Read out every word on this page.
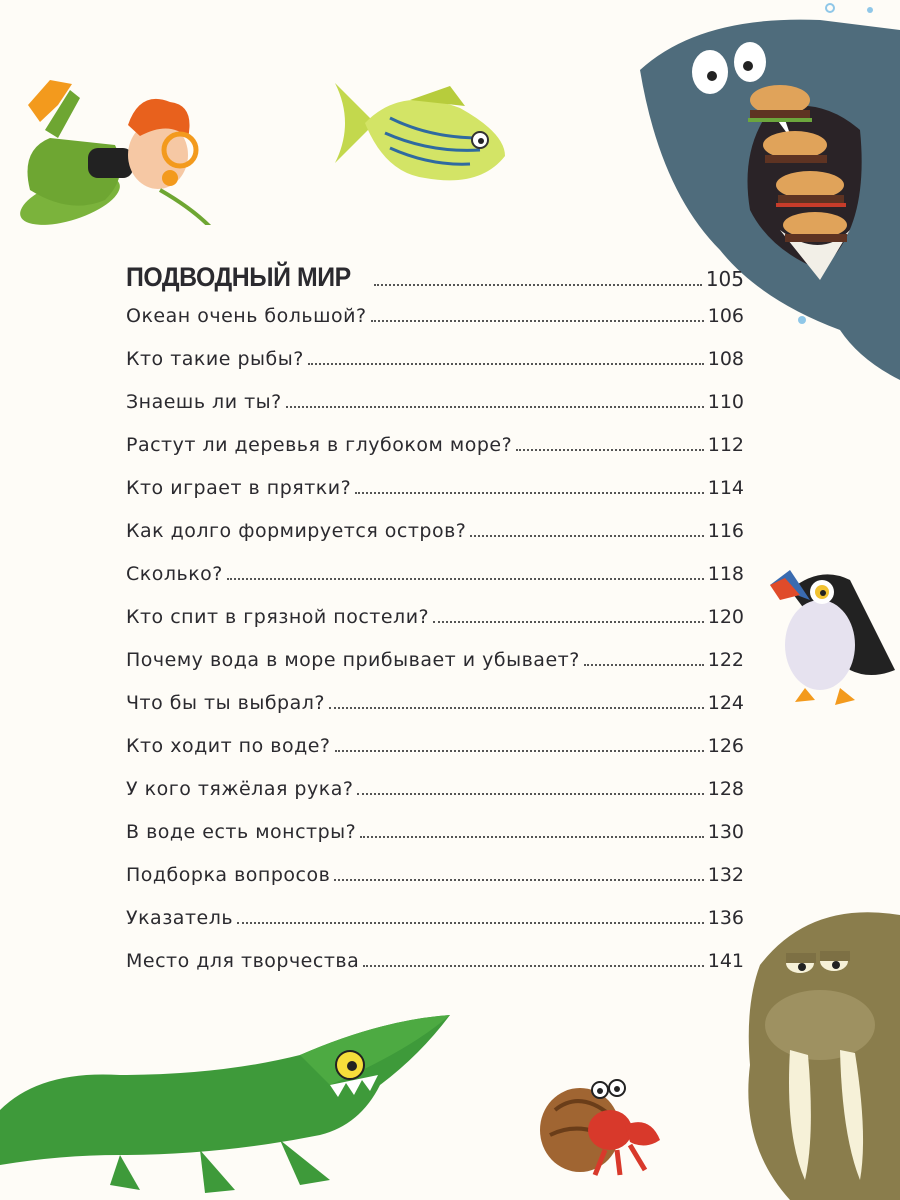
ПОДВОДНЫЙ МИР	105
Океан очень большой?	106
Кто такие рыбы?	108
Знаешь ли ты?	110
Растут ли деревья в глубоком море?	112
Кто играет в прятки?	114
Как долго формируется остров?	116
Сколько?	118
Кто спит в грязной постели?	120
Почему вода в море прибывает и убывает?	122
Что бы ты выбрал?	124
Кто ходит по воде?	126
У кого тяжёлая рука?	128
В воде есть монстры?	130
Подборка вопросов	132
Указатель	136
Место для творчества	141
